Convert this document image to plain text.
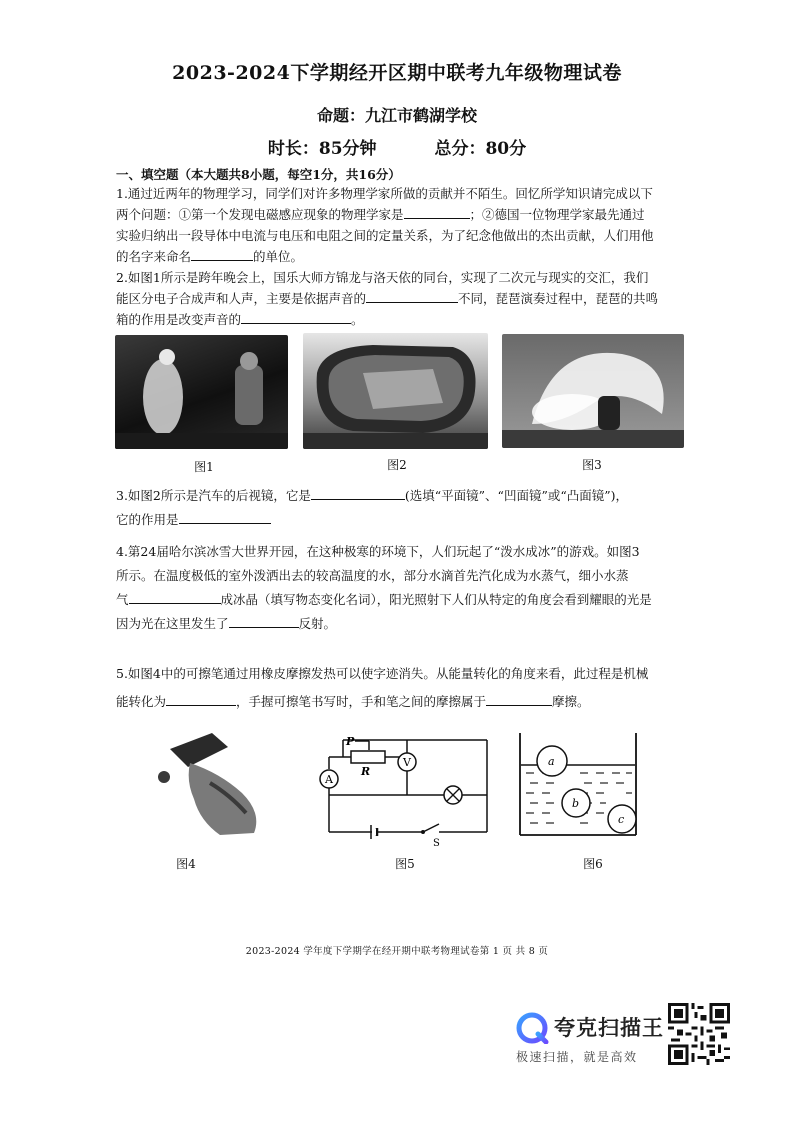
2023-2024下学期经开区期中联考九年级物理试卷
命题：九江市鹤湖学校
时长：85分钟	总分：80分
一、填空题（本大题共8小题，每空1分，共16分）
1.通过近两年的物理学习，同学们对许多物理学家所做的贡献并不陌生。回忆所学知识请完成以下
两个问题：①第一个发现电磁感应现象的物理学家是	；②德国一位物理学家最先通过
实验归纳出一段导体中电流与电压和电阻之间的定量关系，为了纪念他做出的杰出贡献，人们用他
的名字来命名	的单位。
2.如图1所示是跨年晚会上，国乐大师方锦龙与洛天依的同台，实现了二次元与现实的交汇，我们
能区分电子合成声和人声，主要是依据声音的	不同，琵琶演奏过程中，琵琶的共鸣
箱的作用是改变声音的	。
图1	图2	图3
3.如图2所示是汽车的后视镜，它是	(选填“平面镜”、“凹面镜”或“凸面镜”)，
它的作用是
4.第24届哈尔滨冰雪大世界开园，在这种极寒的环境下，人们玩起了“泼水成冰”的游戏。如图3
所示。在温度极低的室外泼洒出去的较高温度的水，部分水滴首先汽化成为水蒸气，细小水蒸
气	成冰晶（填写物态变化名词），阳光照射下人们从特定的角度会看到耀眼的光是
因为光在这里发生了	反射。
5.如图4中的可擦笔通过用橡皮摩擦发热可以使字迹消失。从能量转化的角度来看，此过程是机械
能转化为	，手握可擦笔书写时，手和笔之间的摩擦属于	摩擦。
图4
A
V
P
R
S
图5
a
b
c
图6
2023-2024 学年度下学期学在经开期中联考物理试卷第 1 页 共 8 页
夸克扫描王
极速扫描，就是高效
